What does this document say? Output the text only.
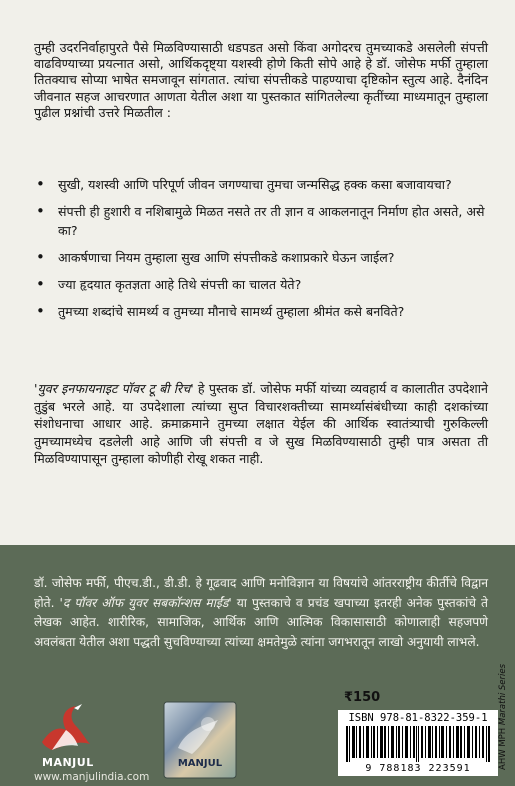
तुम्ही उदरनिर्वाहापुरते पैसे मिळविण्यासाठी धडपडत असो किंवा अगोदरच तुमच्याकडे असलेली संपत्ती वाढविण्याच्या प्रयत्नात असो, आर्थिकदृष्ट्या यशस्वी होणे किती सोपे आहे हे डॉ. जोसेफ मर्फी तुम्हाला तितक्याच सोप्या भाषेत समजावून सांगतात. त्यांचा संपत्तीकडे पाहण्याचा दृष्टिकोन स्तुत्य आहे. दैनंदिन जीवनात सहज आचरणात आणता येतील अशा या पुस्तकात सांगितलेल्या कृतींच्या माध्यमातून तुम्हाला पुढील प्रश्नांची उत्तरे मिळतील :

• सुखी, यशस्वी आणि परिपूर्ण जीवन जगण्याचा तुमचा जन्मसिद्ध हक्क कसा बजावायचा?
• संपत्ती ही हुशारी व नशिबामुळे मिळत नसते तर ती ज्ञान व आकलनातून निर्माण होत असते, असे का?
• आकर्षणाचा नियम तुम्हाला सुख आणि संपत्तीकडे कशाप्रकारे घेऊन जाईल?
• ज्या हृदयात कृतज्ञता आहे तिथे संपत्ती का चालत येते?
• तुमच्या शब्दांचे सामर्थ्य व तुमच्या मौनाचे सामर्थ्य तुम्हाला श्रीमंत कसे बनविते?

'युवर इनफायनाइट पॉवर टू बी रिच' हे पुस्तक डॉ. जोसेफ मर्फी यांच्या व्यवहार्य व कालातीत उपदेशाने तुडुंब भरले आहे. या उपदेशाला त्यांच्या सुप्त विचारशक्तीच्या सामर्थ्यासंबंधीच्या काही दशकांच्या संशोधनाचा आधार आहे. क्रमाक्रमाने तुमच्या लक्षात येईल की आर्थिक स्वातंत्र्याची गुरुकिल्ली तुमच्यामध्येच दडलेली आहे आणि जी संपत्ती व जे सुख मिळविण्यासाठी तुम्ही पात्र असता ती मिळविण्यापासून तुम्हाला कोणीही रोखू शकत नाही.

डॉ. जोसेफ मर्फी, पीएच.डी., डी.डी. हे गूढवाद आणि मनोविज्ञान या विषयांचे आंतरराष्ट्रीय कीर्तीचे विद्वान होते. 'द पॉवर ऑफ युवर सबकॉन्शस माईंड' या पुस्तकाचे व प्रचंड खपाच्या इतरही अनेक पुस्तकांचे ते लेखक आहेत. शारीरिक, सामाजिक, आर्थिक आणि आत्मिक विकासासाठी कोणालाही सहजपणे अवलंबता येतील अशा पद्धती सुचविण्याच्या त्यांच्या क्षमतेमुळे त्यांना जगभरातून लाखो अनुयायी लाभले.

MANJUL
www.manjulindia.com
MANJUL
₹150
ISBN 978-81-8322-359-1
9 788183 223591	AHW MPH Marathi Series
